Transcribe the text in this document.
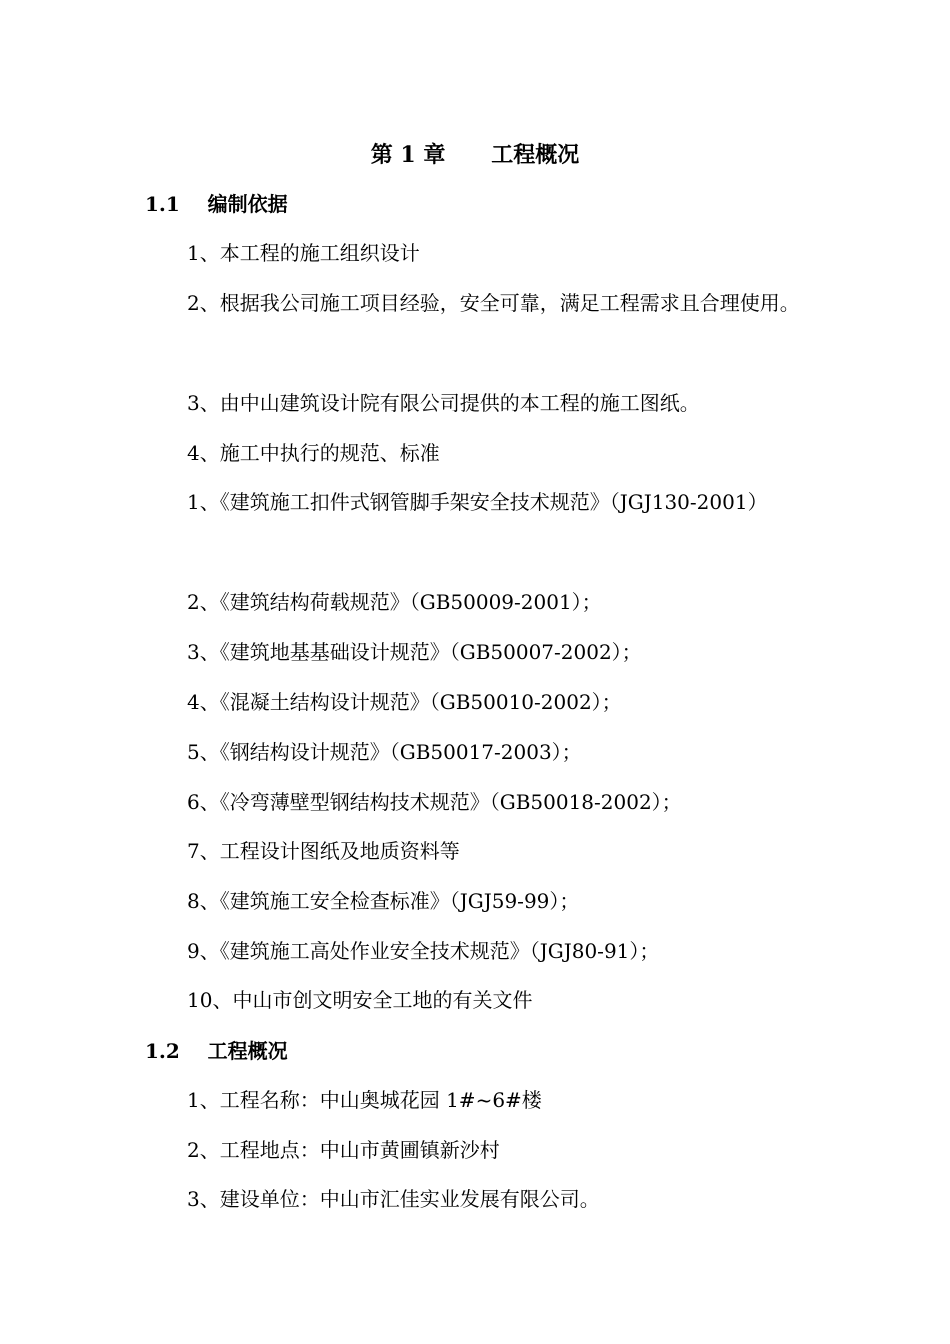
第 1 章      工程概况
1.1    编制依据
1、本工程的施工组织设计
2、根据我公司施工项目经验，安全可靠，满足工程需求且合理使用。
3、由中山建筑设计院有限公司提供的本工程的施工图纸。
4、施工中执行的规范、标准
1、《建筑施工扣件式钢管脚手架安全技术规范》（JGJ130-2001）
2、《建筑结构荷载规范》（GB50009-2001）；
3、《建筑地基基础设计规范》（GB50007-2002）；
4、《混凝土结构设计规范》（GB50010-2002）；
5、《钢结构设计规范》（GB50017-2003）；
6、《冷弯薄壁型钢结构技术规范》（GB50018-2002）；
7、工程设计图纸及地质资料等
8、《建筑施工安全检查标准》（JGJ59-99）；
9、《建筑施工高处作业安全技术规范》（JGJ80-91）；
10、中山市创文明安全工地的有关文件
1.2    工程概况
1、工程名称：中山奥城花园 1#~6#楼
2、工程地点：中山市黄圃镇新沙村
3、建设单位：中山市汇佳实业发展有限公司。
